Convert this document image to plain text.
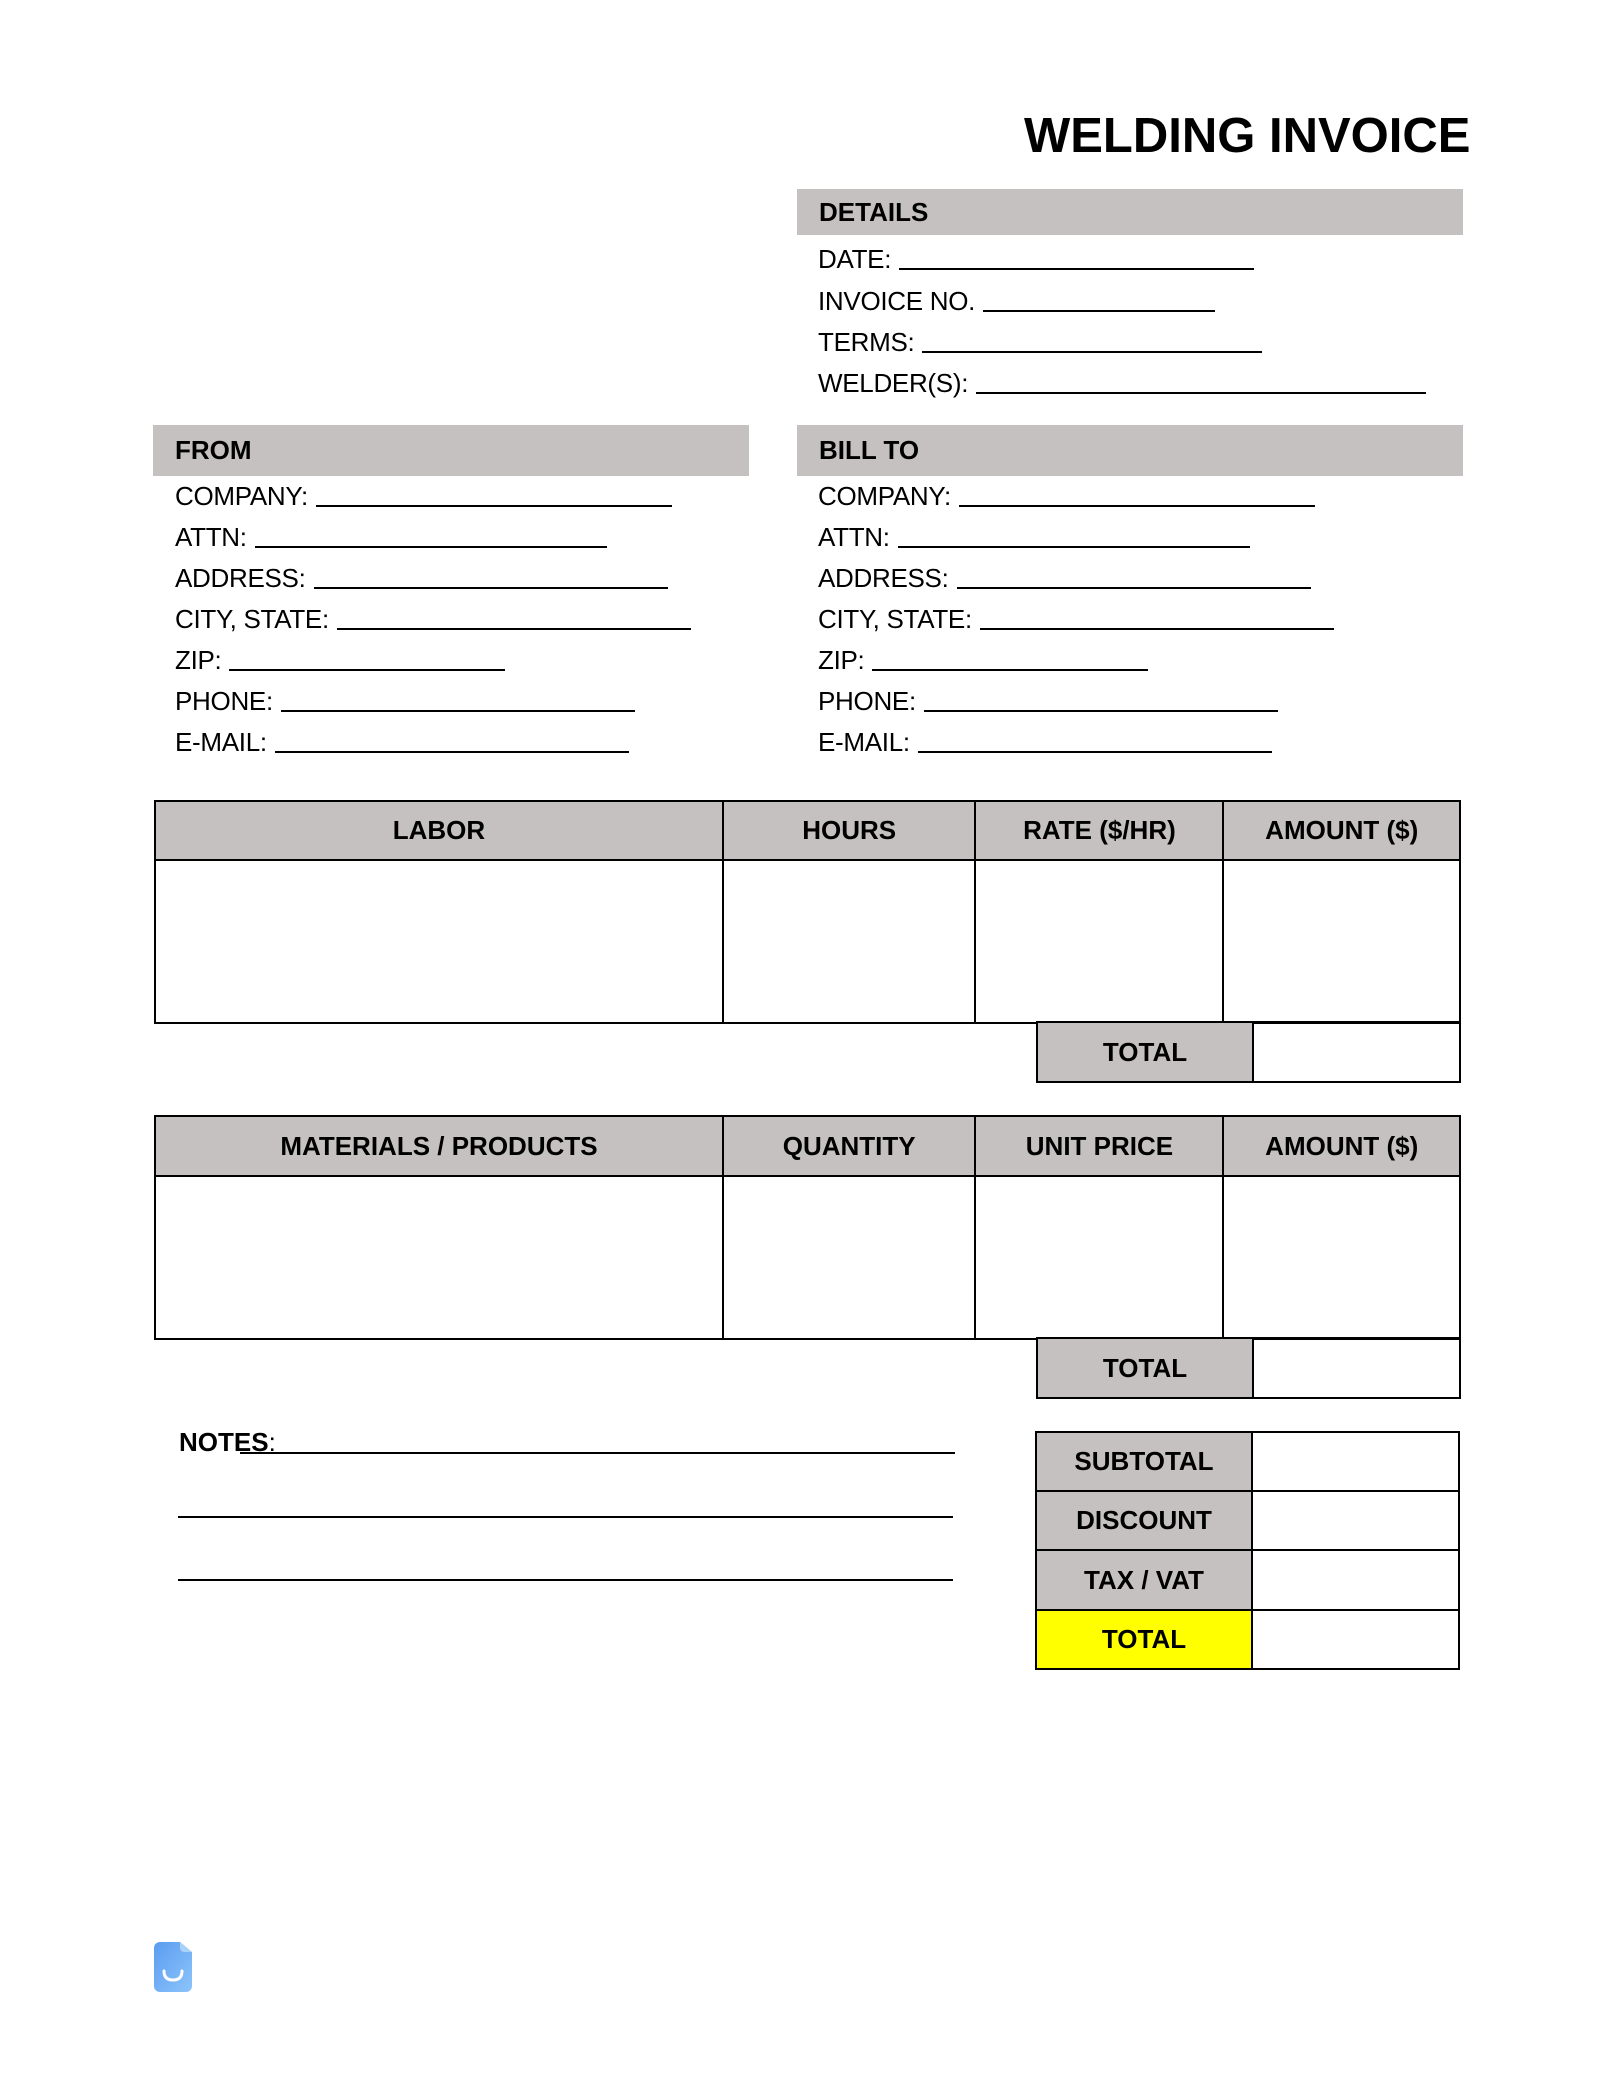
WELDING INVOICE
DETAILS
DATE:
INVOICE NO.
TERMS:
WELDER(S):
FROM
COMPANY:
ATTN:
ADDRESS:
CITY, STATE:
ZIP:
PHONE:
E-MAIL:
BILL TO
COMPANY:
ATTN:
ADDRESS:
CITY, STATE:
ZIP:
PHONE:
E-MAIL:
LABOR	HOURS	RATE ($/HR)	AMOUNT ($)

TOTAL
MATERIALS / PRODUCTS	QUANTITY	UNIT PRICE	AMOUNT ($)

TOTAL
NOTES:
SUBTOTAL
DISCOUNT
TAX / VAT
TOTAL
